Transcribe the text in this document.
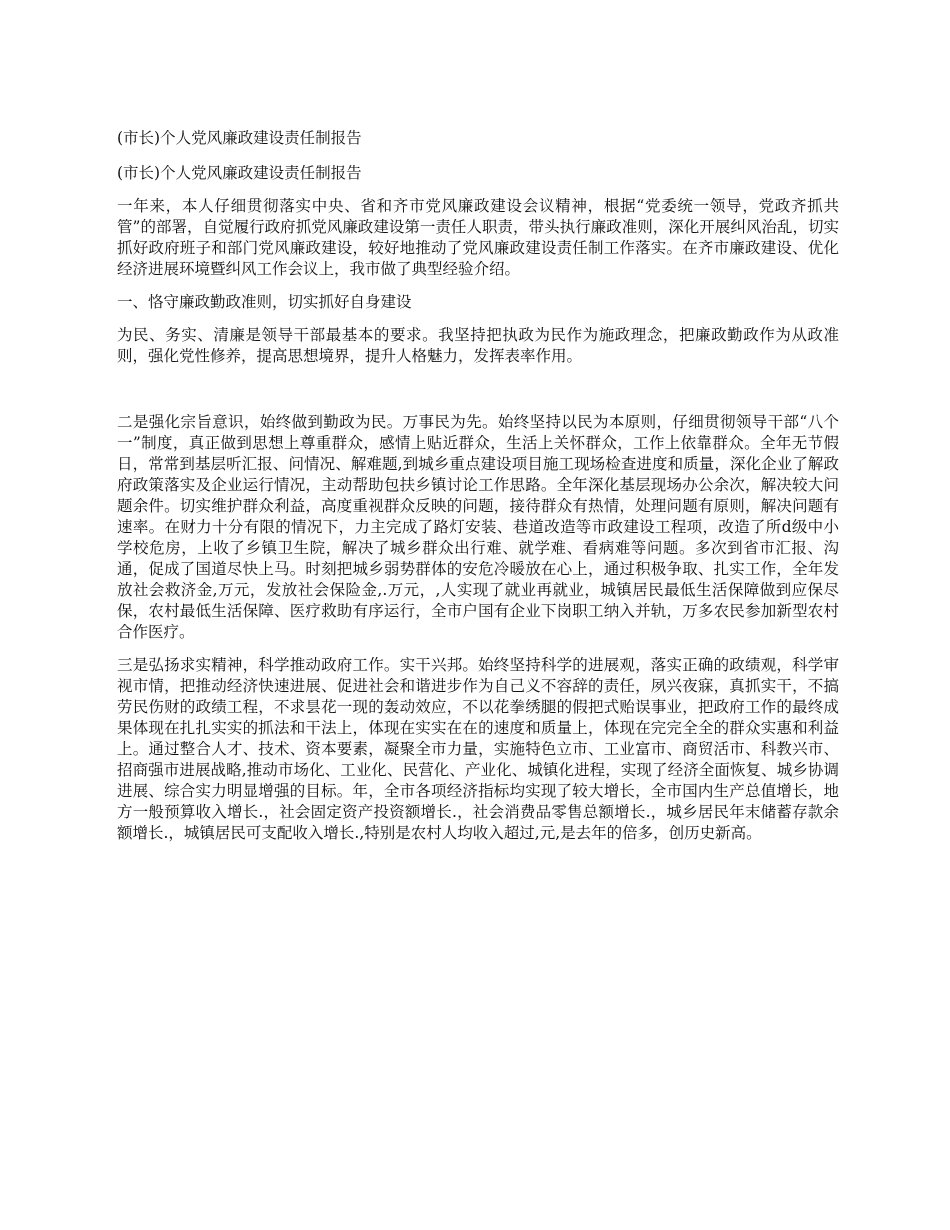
(市长)个人党风廉政建设责任制报告

(市长)个人党风廉政建设责任制报告

一年来，本人仔细贯彻落实中央、省和齐市党风廉政建设会议精神，根据“党委统一领导，党政齐抓共管”的部署，自觉履行政府抓党风廉政建设第一责任人职责，带头执行廉政准则，深化开展纠风治乱，切实抓好政府班子和部门党风廉政建设，较好地推动了党风廉政建设责任制工作落实。在齐市廉政建设、优化经济进展环境暨纠风工作会议上，我市做了典型经验介绍。

一、恪守廉政勤政准则，切实抓好自身建设

为民、务实、清廉是领导干部最基本的要求。我坚持把执政为民作为施政理念，把廉政勤政作为从政准则，强化党性修养，提高思想境界，提升人格魅力，发挥表率作用。

二是强化宗旨意识，始终做到勤政为民。万事民为先。始终坚持以民为本原则，仔细贯彻领导干部“八个一”制度，真正做到思想上尊重群众，感情上贴近群众，生活上关怀群众，工作上依靠群众。全年无节假日，常常到基层听汇报、问情况、解难题,到城乡重点建设项目施工现场检查进度和质量，深化企业了解政府政策落实及企业运行情况，主动帮助包扶乡镇讨论工作思路。全年深化基层现场办公余次，解决较大问题余件。切实维护群众利益，高度重视群众反映的问题，接待群众有热情，处理问题有原则，解决问题有速率。在财力十分有限的情况下，力主完成了路灯安装、巷道改造等市政建设工程项，改造了所d级中小学校危房，上收了乡镇卫生院，解决了城乡群众出行难、就学难、看病难等问题。多次到省市汇报、沟通，促成了国道尽快上马。时刻把城乡弱势群体的安危冷暖放在心上，通过积极争取、扎实工作，全年发放社会救济金,万元，发放社会保险金,.万元，,人实现了就业再就业，城镇居民最低生活保障做到应保尽保，农村最低生活保障、医疗救助有序运行，全市户国有企业下岗职工纳入并轨，万多农民参加新型农村合作医疗。

三是弘扬求实精神，科学推动政府工作。实干兴邦。始终坚持科学的进展观，落实正确的政绩观，科学审视市情，把推动经济快速进展、促进社会和谐进步作为自己义不容辞的责任，夙兴夜寐，真抓实干，不搞劳民伤财的政绩工程，不求昙花一现的轰动效应，不以花拳绣腿的假把式贻误事业，把政府工作的最终成果体现在扎扎实实的抓法和干法上，体现在实实在在的速度和质量上，体现在完完全全的群众实惠和利益上。通过整合人才、技术、资本要素，凝聚全市力量，实施特色立市、工业富市、商贸活市、科教兴市、招商强市进展战略,推动市场化、工业化、民营化、产业化、城镇化进程，实现了经济全面恢复、城乡协调进展、综合实力明显增强的目标。年，全市各项经济指标均实现了较大增长，全市国内生产总值增长，地方一般预算收入增长.，社会固定资产投资额增长.，社会消费品零售总额增长.，城乡居民年末储蓄存款余额增长.，城镇居民可支配收入增长.,特别是农村人均收入超过,元,是去年的倍多，创历史新高。
